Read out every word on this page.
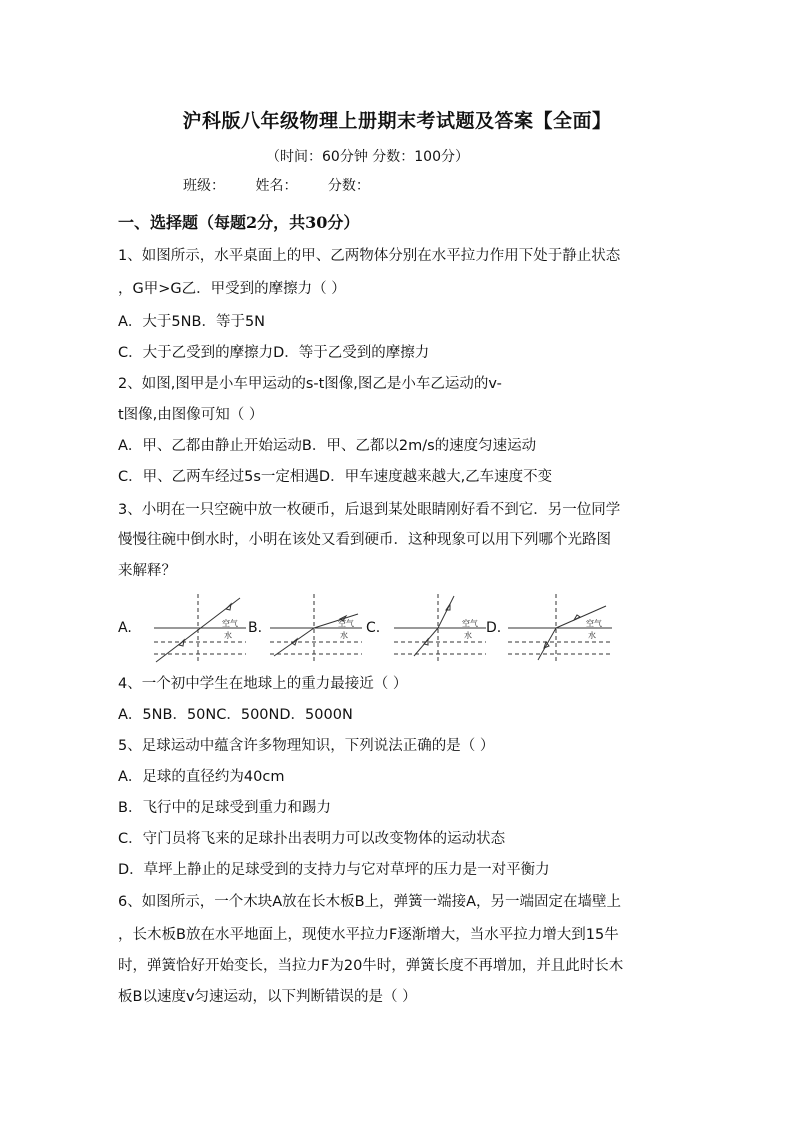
沪科版八年级物理上册期末考试题及答案【全面】
（时间：60分钟 分数：100分）
班级： 姓名： 分数：
一、选择题（每题2分，共30分）
1、如图所示，水平桌面上的甲、乙两物体分别在水平拉力作用下处于静止状态
，G甲>G乙．甲受到的摩擦力（ ）
A．大于5NB．等于5N
C．大于乙受到的摩擦力D．等于乙受到的摩擦力
2、如图,图甲是小车甲运动的s-t图像,图乙是小车乙运动的v-
t图像,由图像可知（ ）
A．甲、乙都由静止开始运动B．甲、乙都以2m/s的速度匀速运动
C．甲、乙两车经过5s一定相遇D．甲车速度越来越大,乙车速度不变
3、小明在一只空碗中放一枚硬币，后退到某处眼睛刚好看不到它．另一位同学
慢慢往碗中倒水时，小明在该处又看到硬币．这种现象可以用下列哪个光路图
来解释？
A.	空气
水 B.	空气
水 C.	空气
水 D.	空气
水
4、一个初中学生在地球上的重力最接近（ ）
A．5NB．50NC．500ND．5000N
5、足球运动中蕴含许多物理知识，下列说法正确的是（ ）
A．足球的直径约为40cm
B．飞行中的足球受到重力和踢力
C．守门员将飞来的足球扑出表明力可以改变物体的运动状态
D．草坪上静止的足球受到的支持力与它对草坪的压力是一对平衡力
6、如图所示，一个木块A放在长木板B上，弹簧一端接A，另一端固定在墙壁上
，长木板B放在水平地面上，现使水平拉力F逐渐增大，当水平拉力增大到15牛
时，弹簧恰好开始变长，当拉力F为20牛时，弹簧长度不再增加，并且此时长木
板B以速度v匀速运动，以下判断错误的是（ ）
